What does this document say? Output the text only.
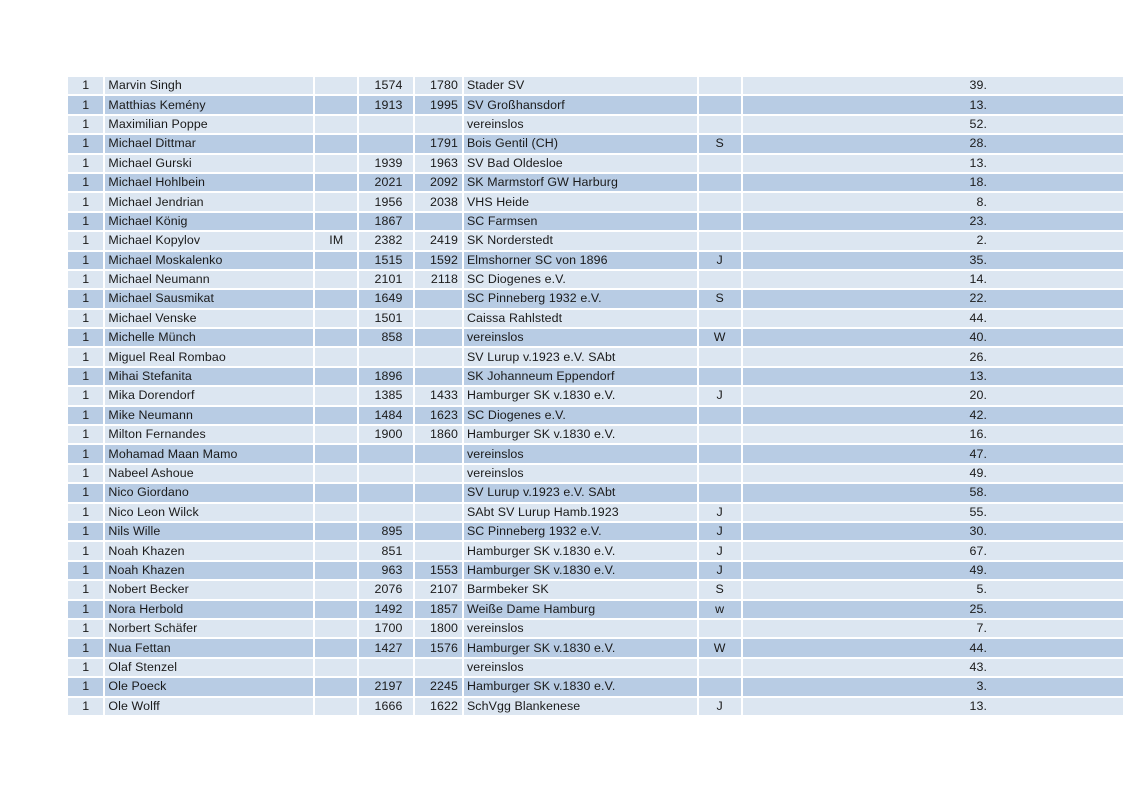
1	Marvin Singh		1574	1780	Stader SV		39.
1	Matthias Kemény		1913	1995	SV Großhansdorf		13.
1	Maximilian Poppe				vereinslos		52.
1	Michael Dittmar			1791	Bois Gentil (CH)	S	28.
1	Michael Gurski		1939	1963	SV Bad Oldesloe		13.
1	Michael Hohlbein		2021	2092	SK Marmstorf GW Harburg		18.
1	Michael Jendrian		1956	2038	VHS Heide		8.
1	Michael König		1867		SC Farmsen		23.
1	Michael Kopylov	IM	2382	2419	SK Norderstedt		2.
1	Michael Moskalenko		1515	1592	Elmshorner SC von 1896	J	35.
1	Michael Neumann		2101	2118	SC Diogenes e.V.		14.
1	Michael Sausmikat		1649		SC Pinneberg 1932 e.V.	S	22.
1	Michael Venske		1501		Caissa Rahlstedt		44.
1	Michelle Münch		858		vereinslos	W	40.
1	Miguel Real Rombao				SV Lurup v.1923 e.V. SAbt		26.
1	Mihai Stefanita		1896		SK Johanneum Eppendorf		13.
1	Mika Dorendorf		1385	1433	Hamburger SK v.1830 e.V.	J	20.
1	Mike Neumann		1484	1623	SC Diogenes e.V.		42.
1	Milton Fernandes		1900	1860	Hamburger SK v.1830 e.V.		16.
1	Mohamad Maan Mamo				vereinslos		47.
1	Nabeel Ashoue				vereinslos		49.
1	Nico Giordano				SV Lurup v.1923 e.V. SAbt		58.
1	Nico Leon Wilck				SAbt SV Lurup Hamb.1923	J	55.
1	Nils Wille		895		SC Pinneberg 1932 e.V.	J	30.
1	Noah Khazen		851		Hamburger SK v.1830 e.V.	J	67.
1	Noah Khazen		963	1553	Hamburger SK v.1830 e.V.	J	49.
1	Nobert Becker		2076	2107	Barmbeker SK	S	5.
1	Nora Herbold		1492	1857	Weiße Dame Hamburg	w	25.
1	Norbert Schäfer		1700	1800	vereinslos		7.
1	Nua Fettan		1427	1576	Hamburger SK v.1830 e.V.	W	44.
1	Olaf Stenzel				vereinslos		43.
1	Ole Poeck		2197	2245	Hamburger SK v.1830 e.V.		3.
1	Ole Wolff		1666	1622	SchVgg Blankenese	J	13.
